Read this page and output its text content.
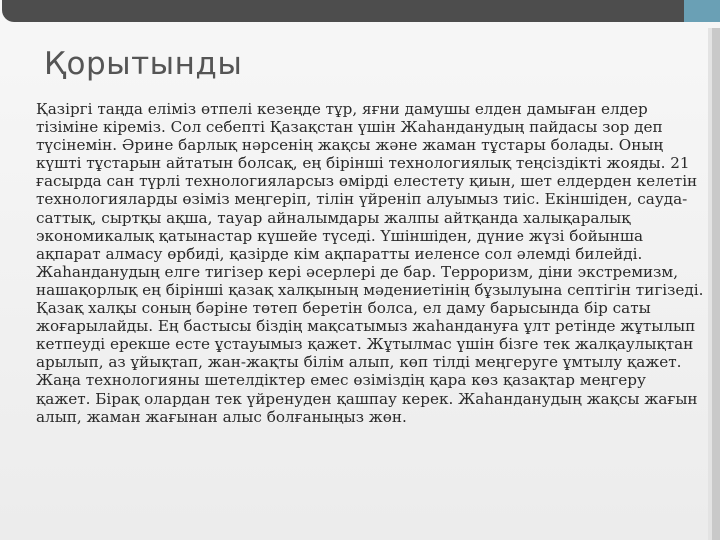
Қорытынды

Қазіргі таңда еліміз өтпелі кезеңде тұр, яғни дамушы елден дамыған елдер тізіміне кіреміз. Сол себепті Қазақстан үшін Жаһанданудың пайдасы зор деп түсінемін. Әрине барлық нәрсенің жақсы және жаман тұстары болады. Оның күшті тұстарын айтатын болсақ, ең бірінші технологиялық теңсіздікті жояды. 21 ғасырда сан түрлі технологияларсыз өмірді елестету қиын, шет елдерден келетін технологияларды өзіміз меңгеріп, тілін үйреніп алуымыз тиіс. Екіншіден, сауда-саттық, сыртқы ақша, тауар айналымдары жалпы айтқанда халықаралық экономикалық қатынастар күшейе түседі. Үшіншіден, дүние жүзі бойынша ақпарат алмасу өрбиді, қазірде кім ақпаратты иеленсе сол әлемді билейді.

Жаһанданудың елге тигізер кері әсерлері де бар. Терроризм, діни экстремизм, нашақорлық ең бірінші қазақ халқының мәдениетінің бұзылуына септігін тигізеді. Қазақ халқы соның бәріне төтеп беретін болса, ел даму барысында бір саты жоғарылайды. Ең бастысы біздің мақсатымыз жаһандануға ұлт ретінде жұтылып кетпеуді ерекше есте ұстауымыз қажет. Жұтылмас үшін бізге тек жалқаулықтан арылып, аз ұйықтап, жан-жақты білім алып, көп тілді меңгеруге ұмтылу қажет. Жаңа технологияны шетелдіктер емес өзіміздің қара көз қазақтар меңгеру қажет. Бірақ олардан тек үйренуден қашпау керек. Жаһанданудың жақсы жағын алып, жаман жағынан алыс болғаныңыз жөн.
